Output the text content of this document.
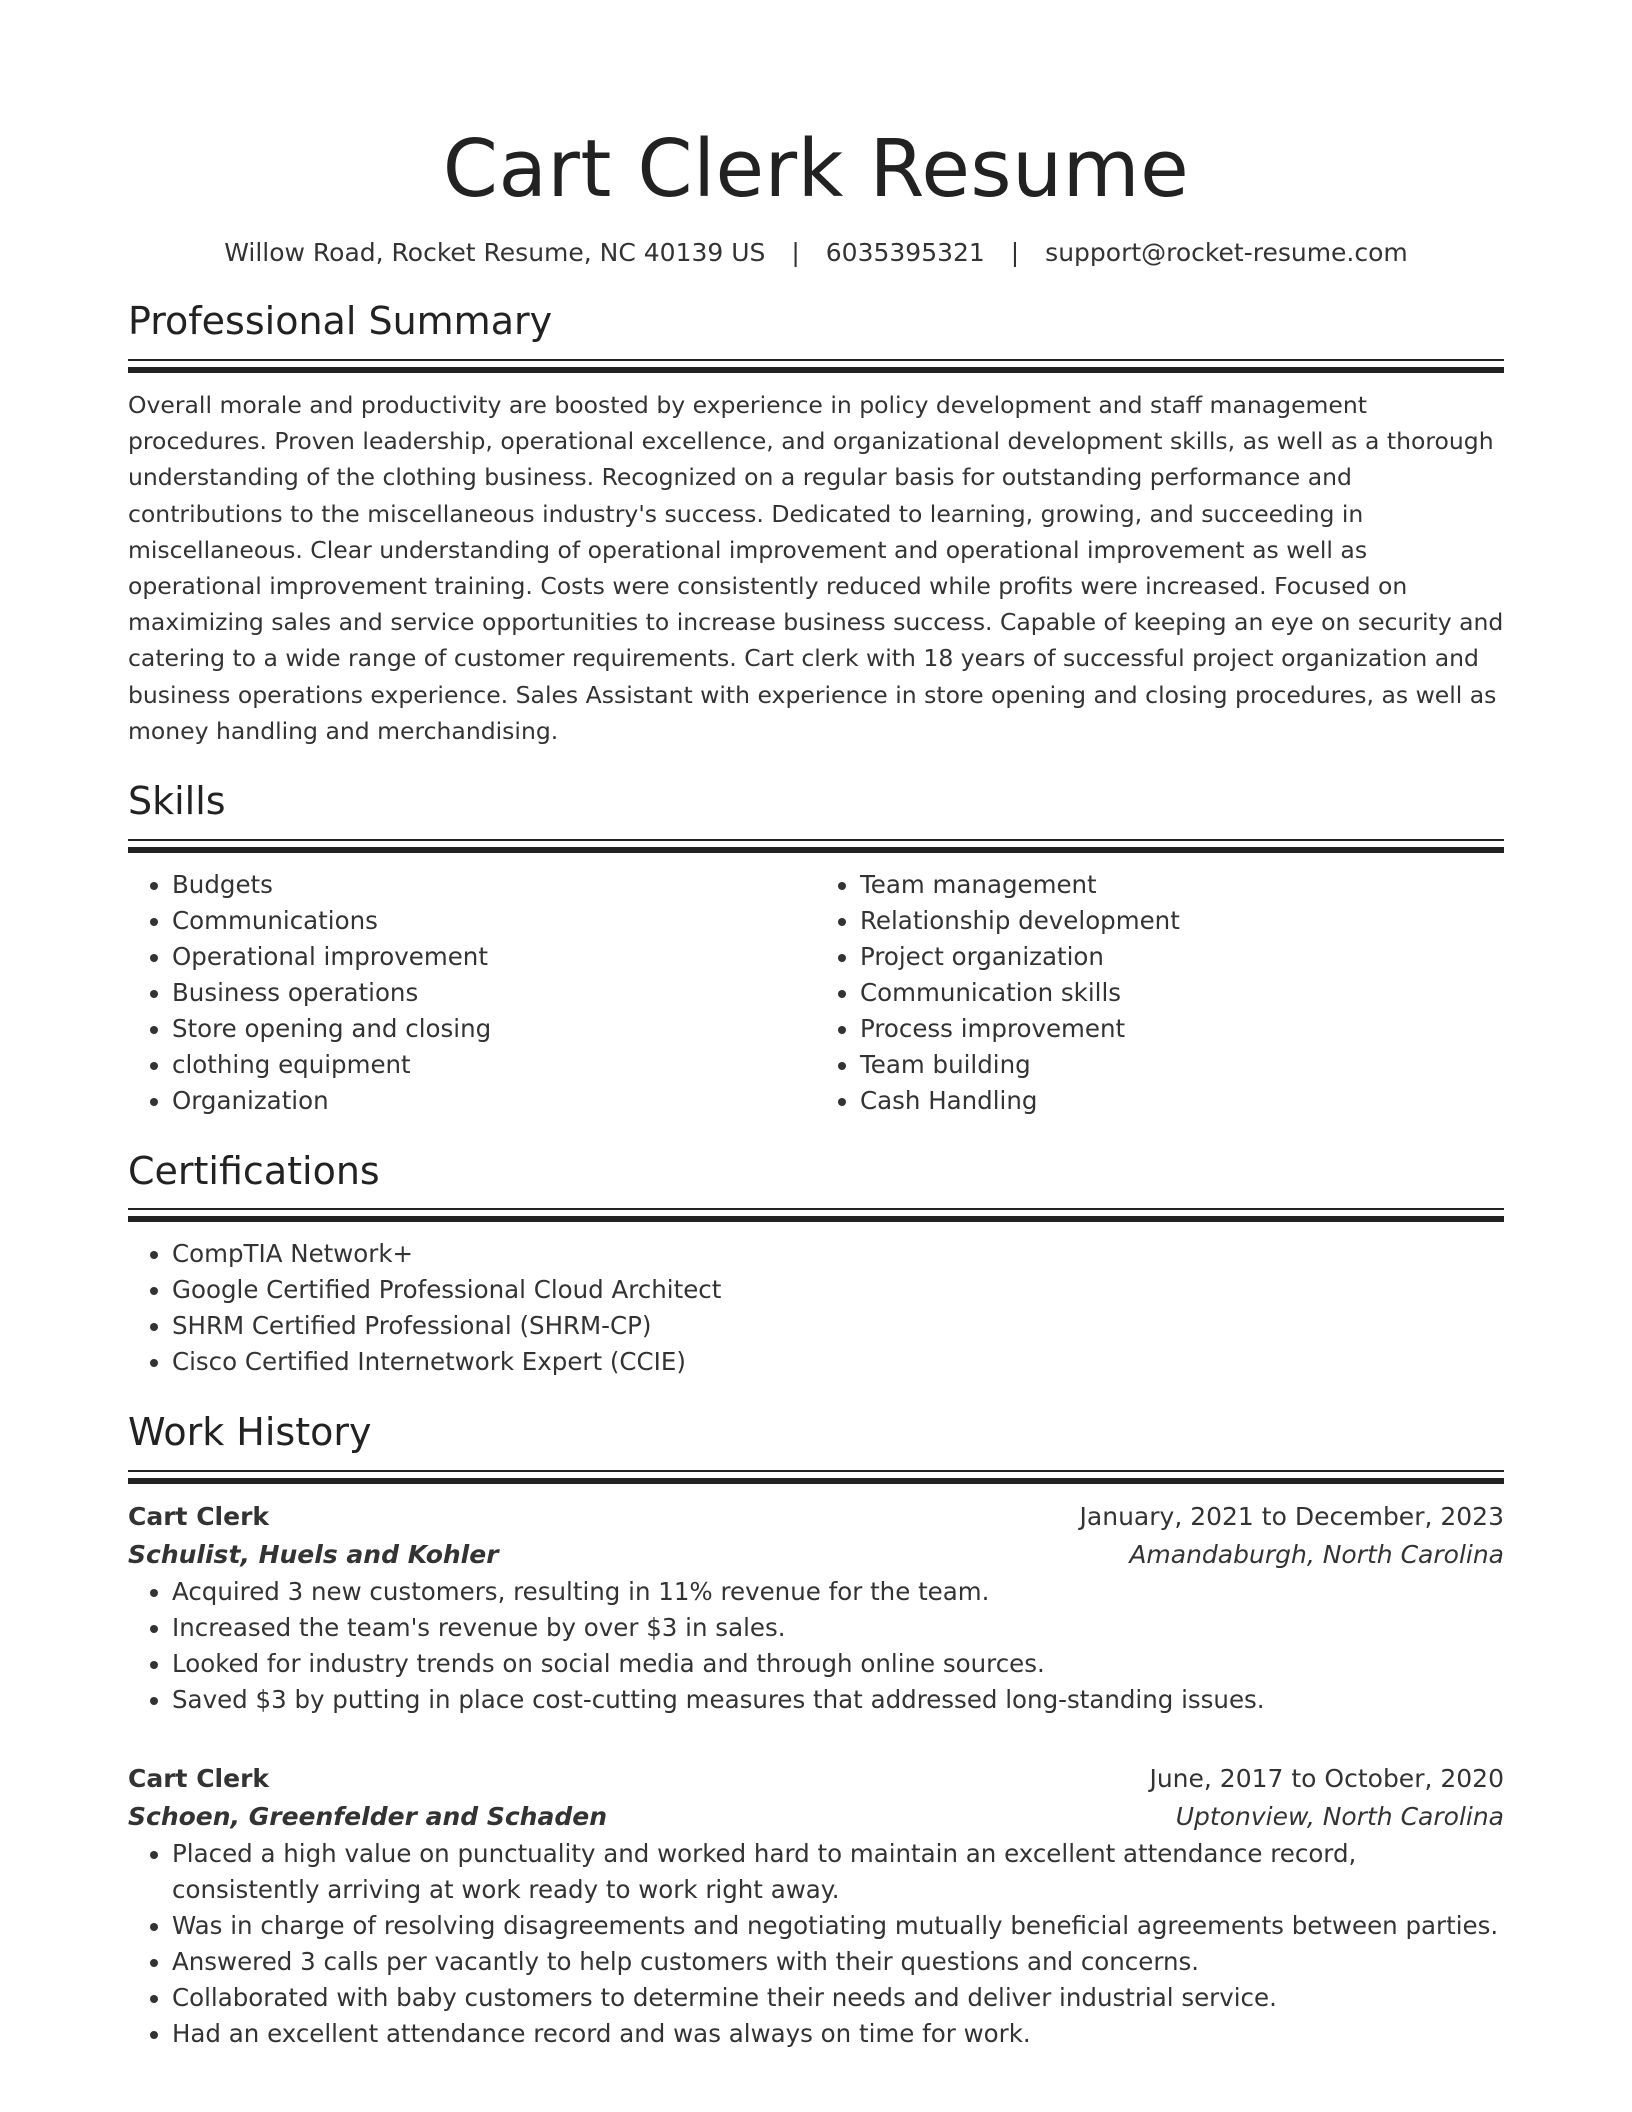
Cart Clerk Resume
Willow Road, Rocket Resume, NC 40139 US | 6035395321 | support@rocket-resume.com
Professional Summary
Overall morale and productivity are boosted by experience in policy development and staff management procedures. Proven leadership, operational excellence, and organizational development skills, as well as a thorough understanding of the clothing business. Recognized on a regular basis for outstanding performance and contributions to the miscellaneous industry's success. Dedicated to learning, growing, and succeeding in miscellaneous. Clear understanding of operational improvement and operational improvement as well as operational improvement training. Costs were consistently reduced while profits were increased. Focused on maximizing sales and service opportunities to increase business success. Capable of keeping an eye on security and catering to a wide range of customer requirements. Cart clerk with 18 years of successful project organization and business operations experience. Sales Assistant with experience in store opening and closing procedures, as well as money handling and merchandising.
Skills
• Budgets
• Communications
• Operational improvement
• Business operations
• Store opening and closing
• clothing equipment
• Organization
• Team management
• Relationship development
• Project organization
• Communication skills
• Process improvement
• Team building
• Cash Handling
Certifications
• CompTIA Network+
• Google Certified Professional Cloud Architect
• SHRM Certified Professional (SHRM-CP)
• Cisco Certified Internetwork Expert (CCIE)
Work History
Cart Clerk	January, 2021 to December, 2023
Schulist, Huels and Kohler	Amandaburgh, North Carolina
• Acquired 3 new customers, resulting in 11% revenue for the team.
• Increased the team's revenue by over $3 in sales.
• Looked for industry trends on social media and through online sources.
• Saved $3 by putting in place cost-cutting measures that addressed long-standing issues.
Cart Clerk	June, 2017 to October, 2020
Schoen, Greenfelder and Schaden	Uptonview, North Carolina
• Placed a high value on punctuality and worked hard to maintain an excellent attendance record, consistently arriving at work ready to work right away.
• Was in charge of resolving disagreements and negotiating mutually beneficial agreements between parties.
• Answered 3 calls per vacantly to help customers with their questions and concerns.
• Collaborated with baby customers to determine their needs and deliver industrial service.
• Had an excellent attendance record and was always on time for work.
